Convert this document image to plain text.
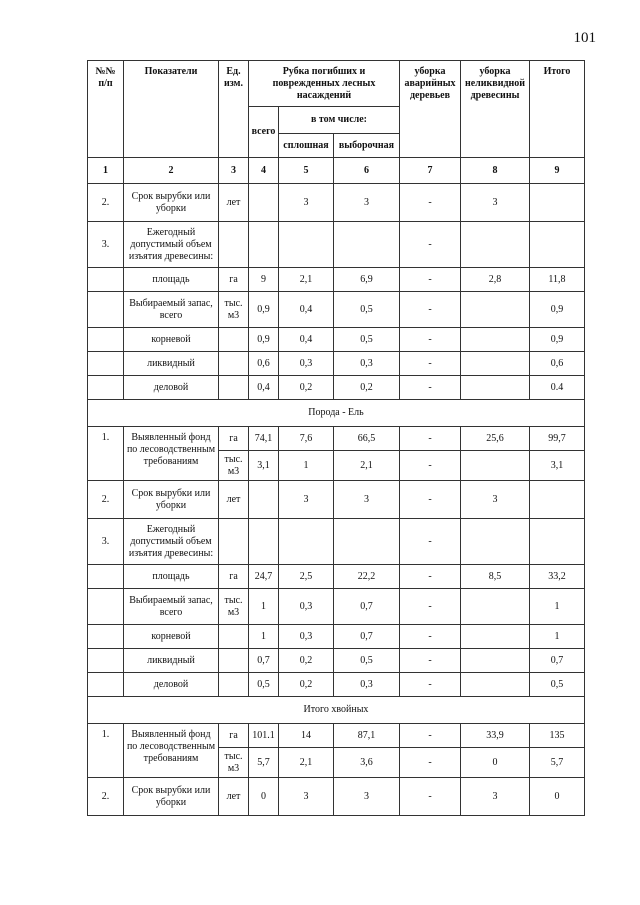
101
№№ п/п	Показатели	Ед. изм.	Рубка погибших и поврежденных лесных насаждений			уборка аварийных деревьев	уборка неликвидной древесины	Итого
			всего	в том числе:				
				сплошная	выборочная			
1	2	3	4	5	6	7	8	9
2.	Срок вырубки или уборки	лет		3	3	-	3	
3.	Ежегодный допустимый объем изъятия древесины:					-		
	площадь	га	9	2,1	6,9	-	2,8	11,8
	Выбираемый запас, всего	тыс. м3	0,9	0,4	0,5	-		0,9
	корневой		0,9	0,4	0,5	-		0,9
	ликвидный		0,6	0,3	0,3	-		0,6
	деловой		0,4	0,2	0,2	-		0.4
Порода - Ель								
1.	Выявленный фонд по лесоводственным требованиям	га	74,1	7,6	66,5	-	25,6	99,7
		тыс. м3	3,1	1	2,1	-		3,1
2.	Срок вырубки или уборки	лет		3	3	-	3	
3.	Ежегодный допустимый объем изъятия древесины:					-		
	площадь	га	24,7	2,5	22,2	-	8,5	33,2
	Выбираемый запас, всего	тыс. м3	1	0,3	0,7	-		1
	корневой		1	0,3	0,7	-		1
	ликвидный		0,7	0,2	0,5	-		0,7
	деловой		0,5	0,2	0,3	-		0,5
Итого хвойных								
1.	Выявленный фонд по лесоводственным требованиям	га	101.1	14	87,1	-	33,9	135
		тыс. м3	5,7	2,1	3,6	-	0	5,7
2.	Срок вырубки или уборки	лет	0	3	3	-	3	0
